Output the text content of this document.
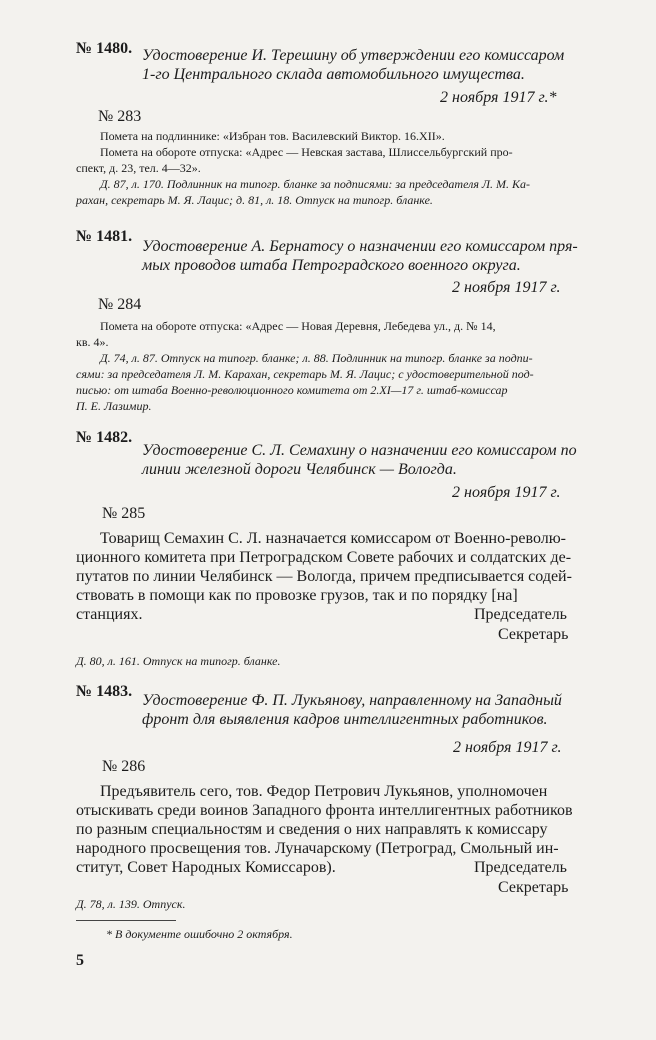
№ 1480. Удостоверение И. Терешину об утверждении его комиссаром
1-го Центрального склада автомобильного имущества.
2 ноября 1917 г.*
№ 283
Помета на подлиннике: «Избран тов. Василевский Виктор. 16.XII».
Помета на обороте отпуска: «Адрес — Невская застава, Шлиссельбургский про-
спект, д. 23, тел. 4—32».
Д. 87, л. 170. Подлинник на типогр. бланке за подписями: за председателя Л. М. Ка-
рахан, секретарь М. Я. Лацис; д. 81, л. 18. Отпуск на типогр. бланке.
№ 1481.
Удостоверение А. Бернатосу о назначении его комиссаром пря-
мых проводов штаба Петроградского военного округа.
2 ноября 1917 г.
№ 284
Помета на обороте отпуска: «Адрес — Новая Деревня, Лебедева ул., д. № 14,
кв. 4».
Д. 74, л. 87. Отпуск на типогр. бланке; л. 88. Подлинник на типогр. бланке за подпи-
сями: за председателя Л. М. Карахан, секретарь М. Я. Лацис; с удостоверительной под-
писью: от штаба Военно-революционного комитета от 2.XI—17 г. штаб-комиссар
П. Е. Лазимир.
№ 1482.
Удостоверение С. Л. Семахину о назначении его комиссаром по
линии железной дороги Челябинск — Вологда.
2 ноября 1917 г.
№ 285
Товарищ Семахин С. Л. назначается комиссаром от Военно-револю-
ционного комитета при Петроградском Совете рабочих и солдатских де-
путатов по линии Челябинск — Вологда, причем предписывается содей-
ствовать в помощи как по провозке грузов, так и по порядку [на]
станциях.	Председатель
Секретарь
Д. 80, л. 161. Отпуск на типогр. бланке.
№ 1483.
Удостоверение Ф. П. Лукьянову, направленному на Западный
фронт для выявления кадров интеллигентных работников.
2 ноября 1917 г.
№ 286
Предъявитель сего, тов. Федор Петрович Лукьянов, уполномочен
отыскивать среди воинов Западного фронта интеллигентных работников
по разным специальностям и сведения о них направлять к комиссару
народного просвещения тов. Луначарскому (Петроград, Смольный ин-
ститут, Совет Народных Комиссаров).	Председатель
Секретарь
Д. 78, л. 139. Отпуск.
* В документе ошибочно 2 октября.
5
